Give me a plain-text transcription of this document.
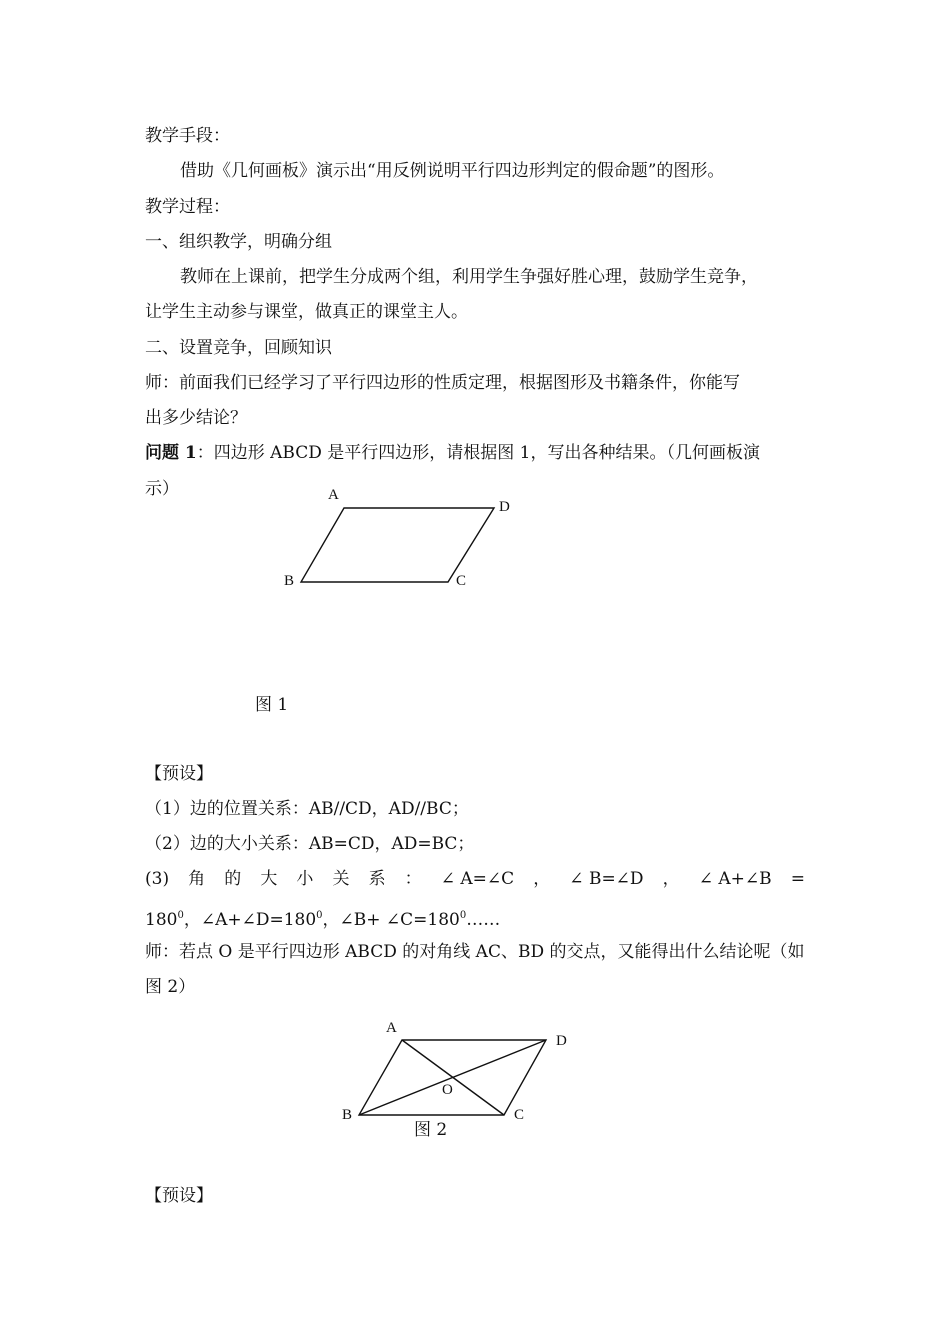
教学手段：
借助《几何画板》演示出“用反例说明平行四边形判定的假命题”的图形。
教学过程：
一、组织教学，明确分组
教师在上课前，把学生分成两个组，利用学生争强好胜心理，鼓励学生竞争，
让学生主动参与课堂，做真正的课堂主人。
二、设置竞争，回顾知识
师：前面我们已经学习了平行四边形的性质定理，根据图形及书籍条件，你能写
出多少结论？
问题 1：四边形 ABCD 是平行四边形，请根据图 1，写出各种结果。（几何画板演
示）	A
D
B	C
图 1
【预设】
（1）边的位置关系：AB//CD，AD//BC；
（2）边的大小关系：AB=CD，AD=BC；
(3) 角 的 大 小 关 系 ： ∠ A=∠C ， ∠ B=∠D ， ∠ A+∠B =
$180^0$，$\angle A+\angle D=180^0$，∠B+ $\angle C=180^0\dots\dots$
师：若点 O 是平行四边形 ABCD 的对角线 AC、BD 的交点，又能得出什么结论呢（如
图 2）
A
D
B	C
O
图 2
【预设】
